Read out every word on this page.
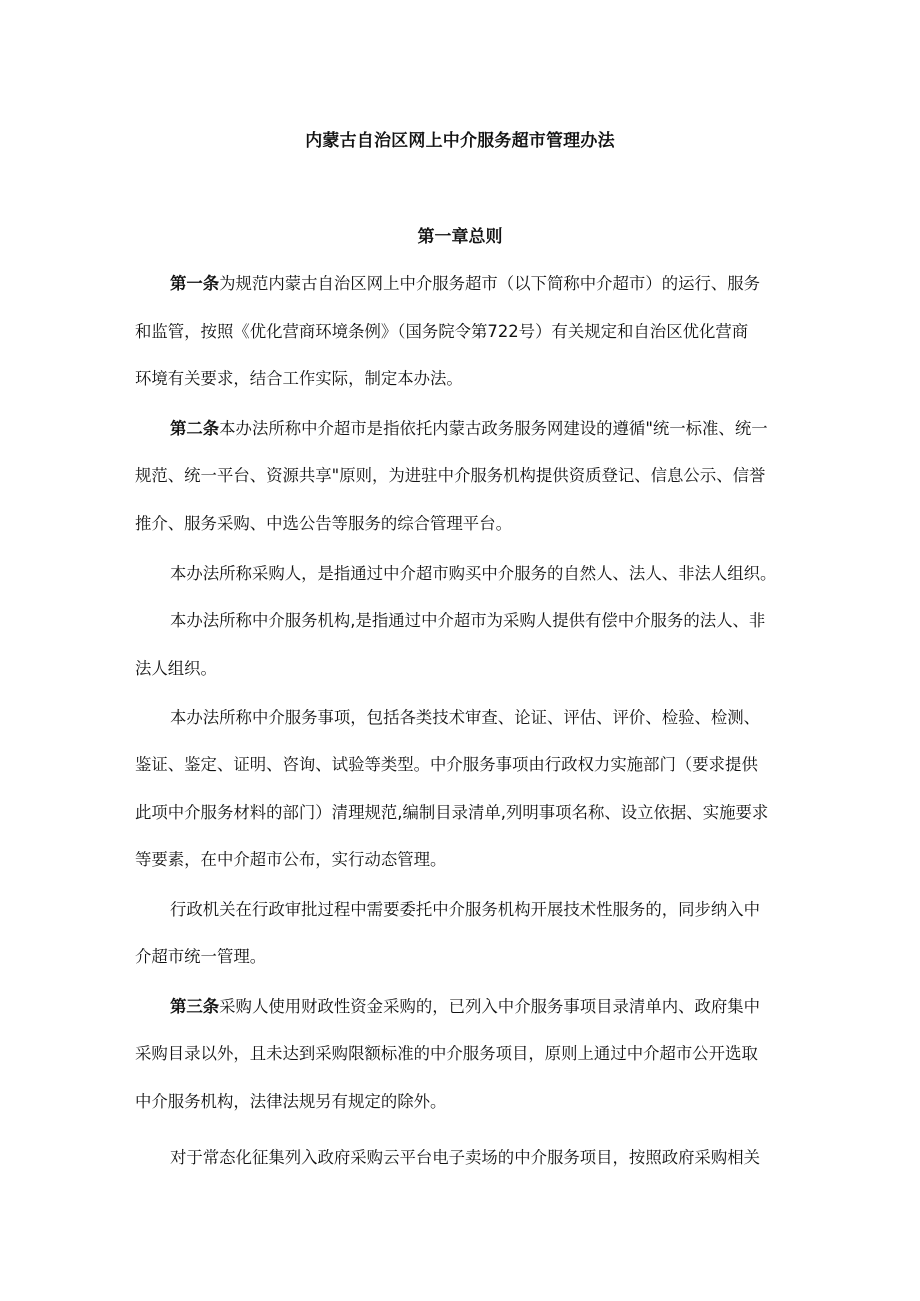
内蒙古自治区网上中介服务超市管理办法
第一章总则
第一条为规范内蒙古自治区网上中介服务超市（以下简称中介超市）的运行、服务
和监管，按照《优化营商环境条例》（国务院令第722号）有关规定和自治区优化营商
环境有关要求，结合工作实际，制定本办法。
第二条本办法所称中介超市是指依托内蒙古政务服务网建设的遵循"统一标准、统一
规范、统一平台、资源共享"原则，为进驻中介服务机构提供资质登记、信息公示、信誉
推介、服务采购、中选公告等服务的综合管理平台。
本办法所称采购人，是指通过中介超市购买中介服务的自然人、法人、非法人组织。
本办法所称中介服务机构,是指通过中介超市为采购人提供有偿中介服务的法人、非
法人组织。
本办法所称中介服务事项，包括各类技术审查、论证、评估、评价、检验、检测、
鉴证、鉴定、证明、咨询、试验等类型。中介服务事项由行政权力实施部门（要求提供
此项中介服务材料的部门）清理规范,编制目录清单,列明事项名称、设立依据、实施要求
等要素，在中介超市公布，实行动态管理。
行政机关在行政审批过程中需要委托中介服务机构开展技术性服务的，同步纳入中
介超市统一管理。
第三条采购人使用财政性资金采购的，已列入中介服务事项目录清单内、政府集中
采购目录以外，且未达到采购限额标准的中介服务项目，原则上通过中介超市公开选取
中介服务机构，法律法规另有规定的除外。
对于常态化征集列入政府采购云平台电子卖场的中介服务项目，按照政府采购相关
